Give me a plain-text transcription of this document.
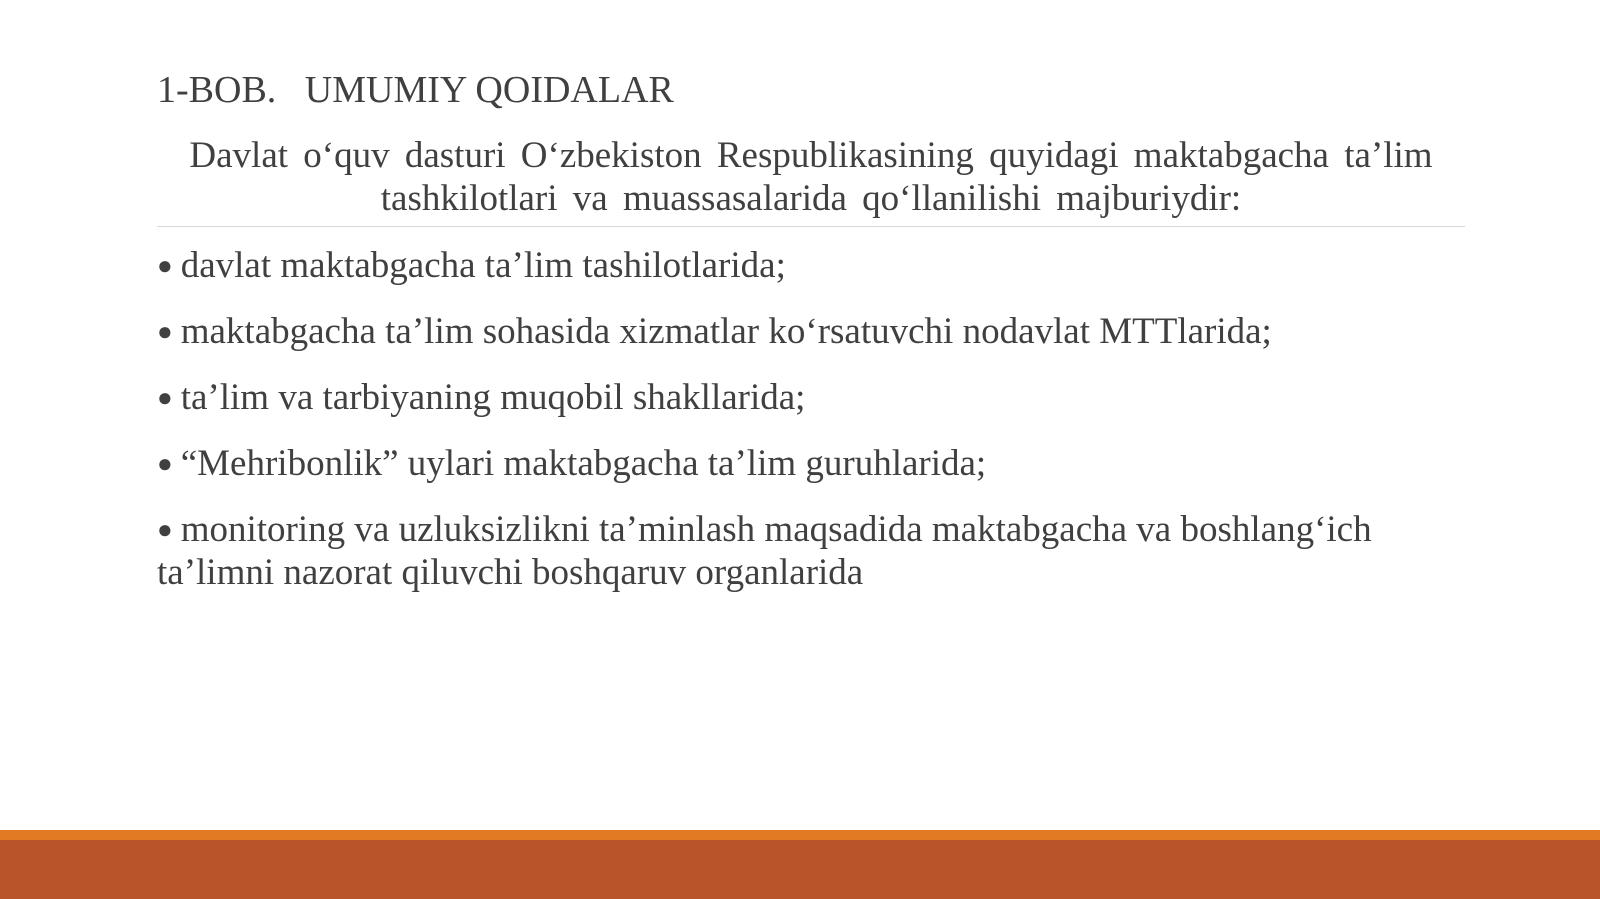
1-BOB.   UMUMIY QOIDALAR
Davlat o‘quv dasturi O‘zbekiston Respublikasining quyidagi maktabgacha ta’lim tashkilotlari va muassasalarida qo‘llanilishi majburiydir:
● davlat maktabgacha ta’lim tashilotlarida;
● maktabgacha ta’lim sohasida xizmatlar ko‘rsatuvchi nodavlat MTTlarida;
● ta’lim va tarbiyaning muqobil shakllarida;
● “Mehribonlik” uylari maktabgacha ta’lim guruhlarida;
● monitoring va uzluksizlikni ta’minlash maqsadida maktabgacha va boshlang‘ich ta’limni nazorat qiluvchi boshqaruv organlarida
